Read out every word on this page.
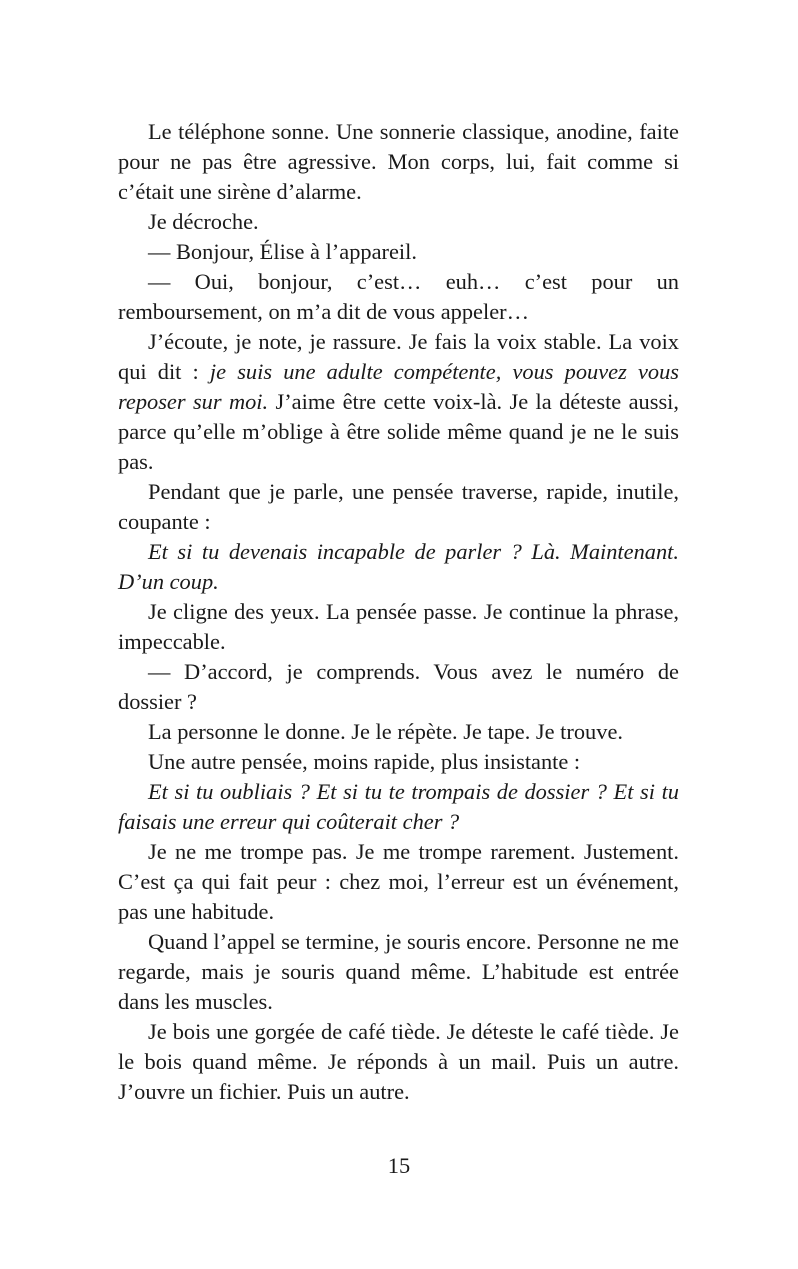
Le téléphone sonne. Une sonnerie classique, anodine, faite pour ne pas être agressive. Mon corps, lui, fait comme si c’était une sirène d’alarme.

Je décroche.

— Bonjour, Élise à l’appareil.

— Oui, bonjour, c’est… euh… c’est pour un remboursement, on m’a dit de vous appeler…

J’écoute, je note, je rassure. Je fais la voix stable. La voix qui dit : je suis une adulte compétente, vous pouvez vous reposer sur moi. J’aime être cette voix-là. Je la déteste aussi, parce qu’elle m’oblige à être solide même quand je ne le suis pas.

Pendant que je parle, une pensée traverse, rapide, inutile, coupante :

Et si tu devenais incapable de parler ? Là. Maintenant. D’un coup.

Je cligne des yeux. La pensée passe. Je continue la phrase, impeccable.

— D’accord, je comprends. Vous avez le numéro de dossier ?

La personne le donne. Je le répète. Je tape. Je trouve.

Une autre pensée, moins rapide, plus insistante :

Et si tu oubliais ? Et si tu te trompais de dossier ? Et si tu faisais une erreur qui coûterait cher ?

Je ne me trompe pas. Je me trompe rarement. Justement. C’est ça qui fait peur : chez moi, l’erreur est un événement, pas une habitude.

Quand l’appel se termine, je souris encore. Personne ne me regarde, mais je souris quand même. L’habitude est entrée dans les muscles.

Je bois une gorgée de café tiède. Je déteste le café tiède. Je le bois quand même. Je réponds à un mail. Puis un autre. J’ouvre un fichier. Puis un autre.

15
